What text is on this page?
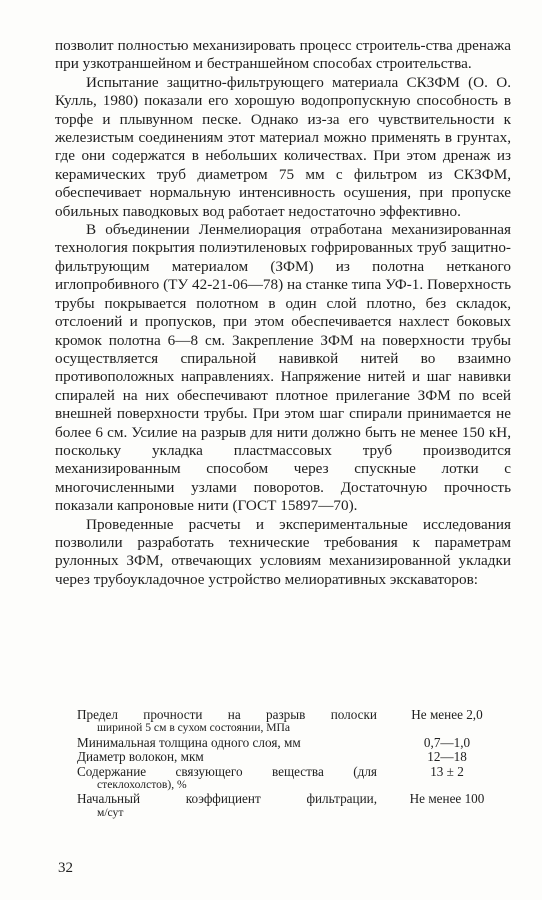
позволит полностью механизировать процесс строитель-ства дренажа при узкотраншейном и бестраншейном способах строительства.

Испытание защитно-фильтрующего материала СКЗФМ (О. О. Кулль, 1980) показали его хорошую водопропускную способность в торфе и плывунном песке. Однако из-за его чувствительности к железистым соединениям этот материал можно применять в грунтах, где они содержатся в небольших количествах. При этом дренаж из керамических труб диаметром 75 мм с фильтром из СКЗФМ, обеспечивает нормальную интенсивность осушения, при пропуске обильных паводковых вод работает недостаточно эффективно.

В объединении Ленмелиорация отработана механизированная технология покрытия полиэтиленовых гофрированных труб защитно-фильтрующим материалом (ЗФМ) из полотна нетканого иглопробивного (ТУ 42-21-06—78) на станке типа УФ-1. Поверхность трубы покрывается полотном в один слой плотно, без складок, отслоений и пропусков, при этом обеспечивается нахлест боковых кромок полотна 6—8 см. Закрепление ЗФМ на поверхности трубы осуществляется спиральной навивкой нитей во взаимно противоположных направлениях. Напряжение нитей и шаг навивки спиралей на них обеспечивают плотное прилегание ЗФМ по всей внешней поверхности трубы. При этом шаг спирали принимается не более 6 см. Усилие на разрыв для нити должно быть не менее 150 кН, поскольку укладка пластмассовых труб производится механизированным способом через спускные лотки с многочисленными узлами поворотов. Достаточную прочность показали капроновые нити (ГОСТ 15897—70).

Проведенные расчеты и экспериментальные исследования позволили разработать технические требования к параметрам рулонных ЗФМ, отвечающих условиям механизированной укладки через трубоукладочное устройство мелиоративных экскаваторов:

Предел прочности на разрыв полоски
шириной 5 см в сухом состоянии, МПа
Не менее 2,0
Минимальная толщина одного слоя, мм	0,7—1,0
Диаметр волокон, мкм	12—18
Содержание связующего вещества (для
стеклохолстов), %
13 ± 2
Начальный коэффициент фильтрации,
м/сут
Не менее 100
32
